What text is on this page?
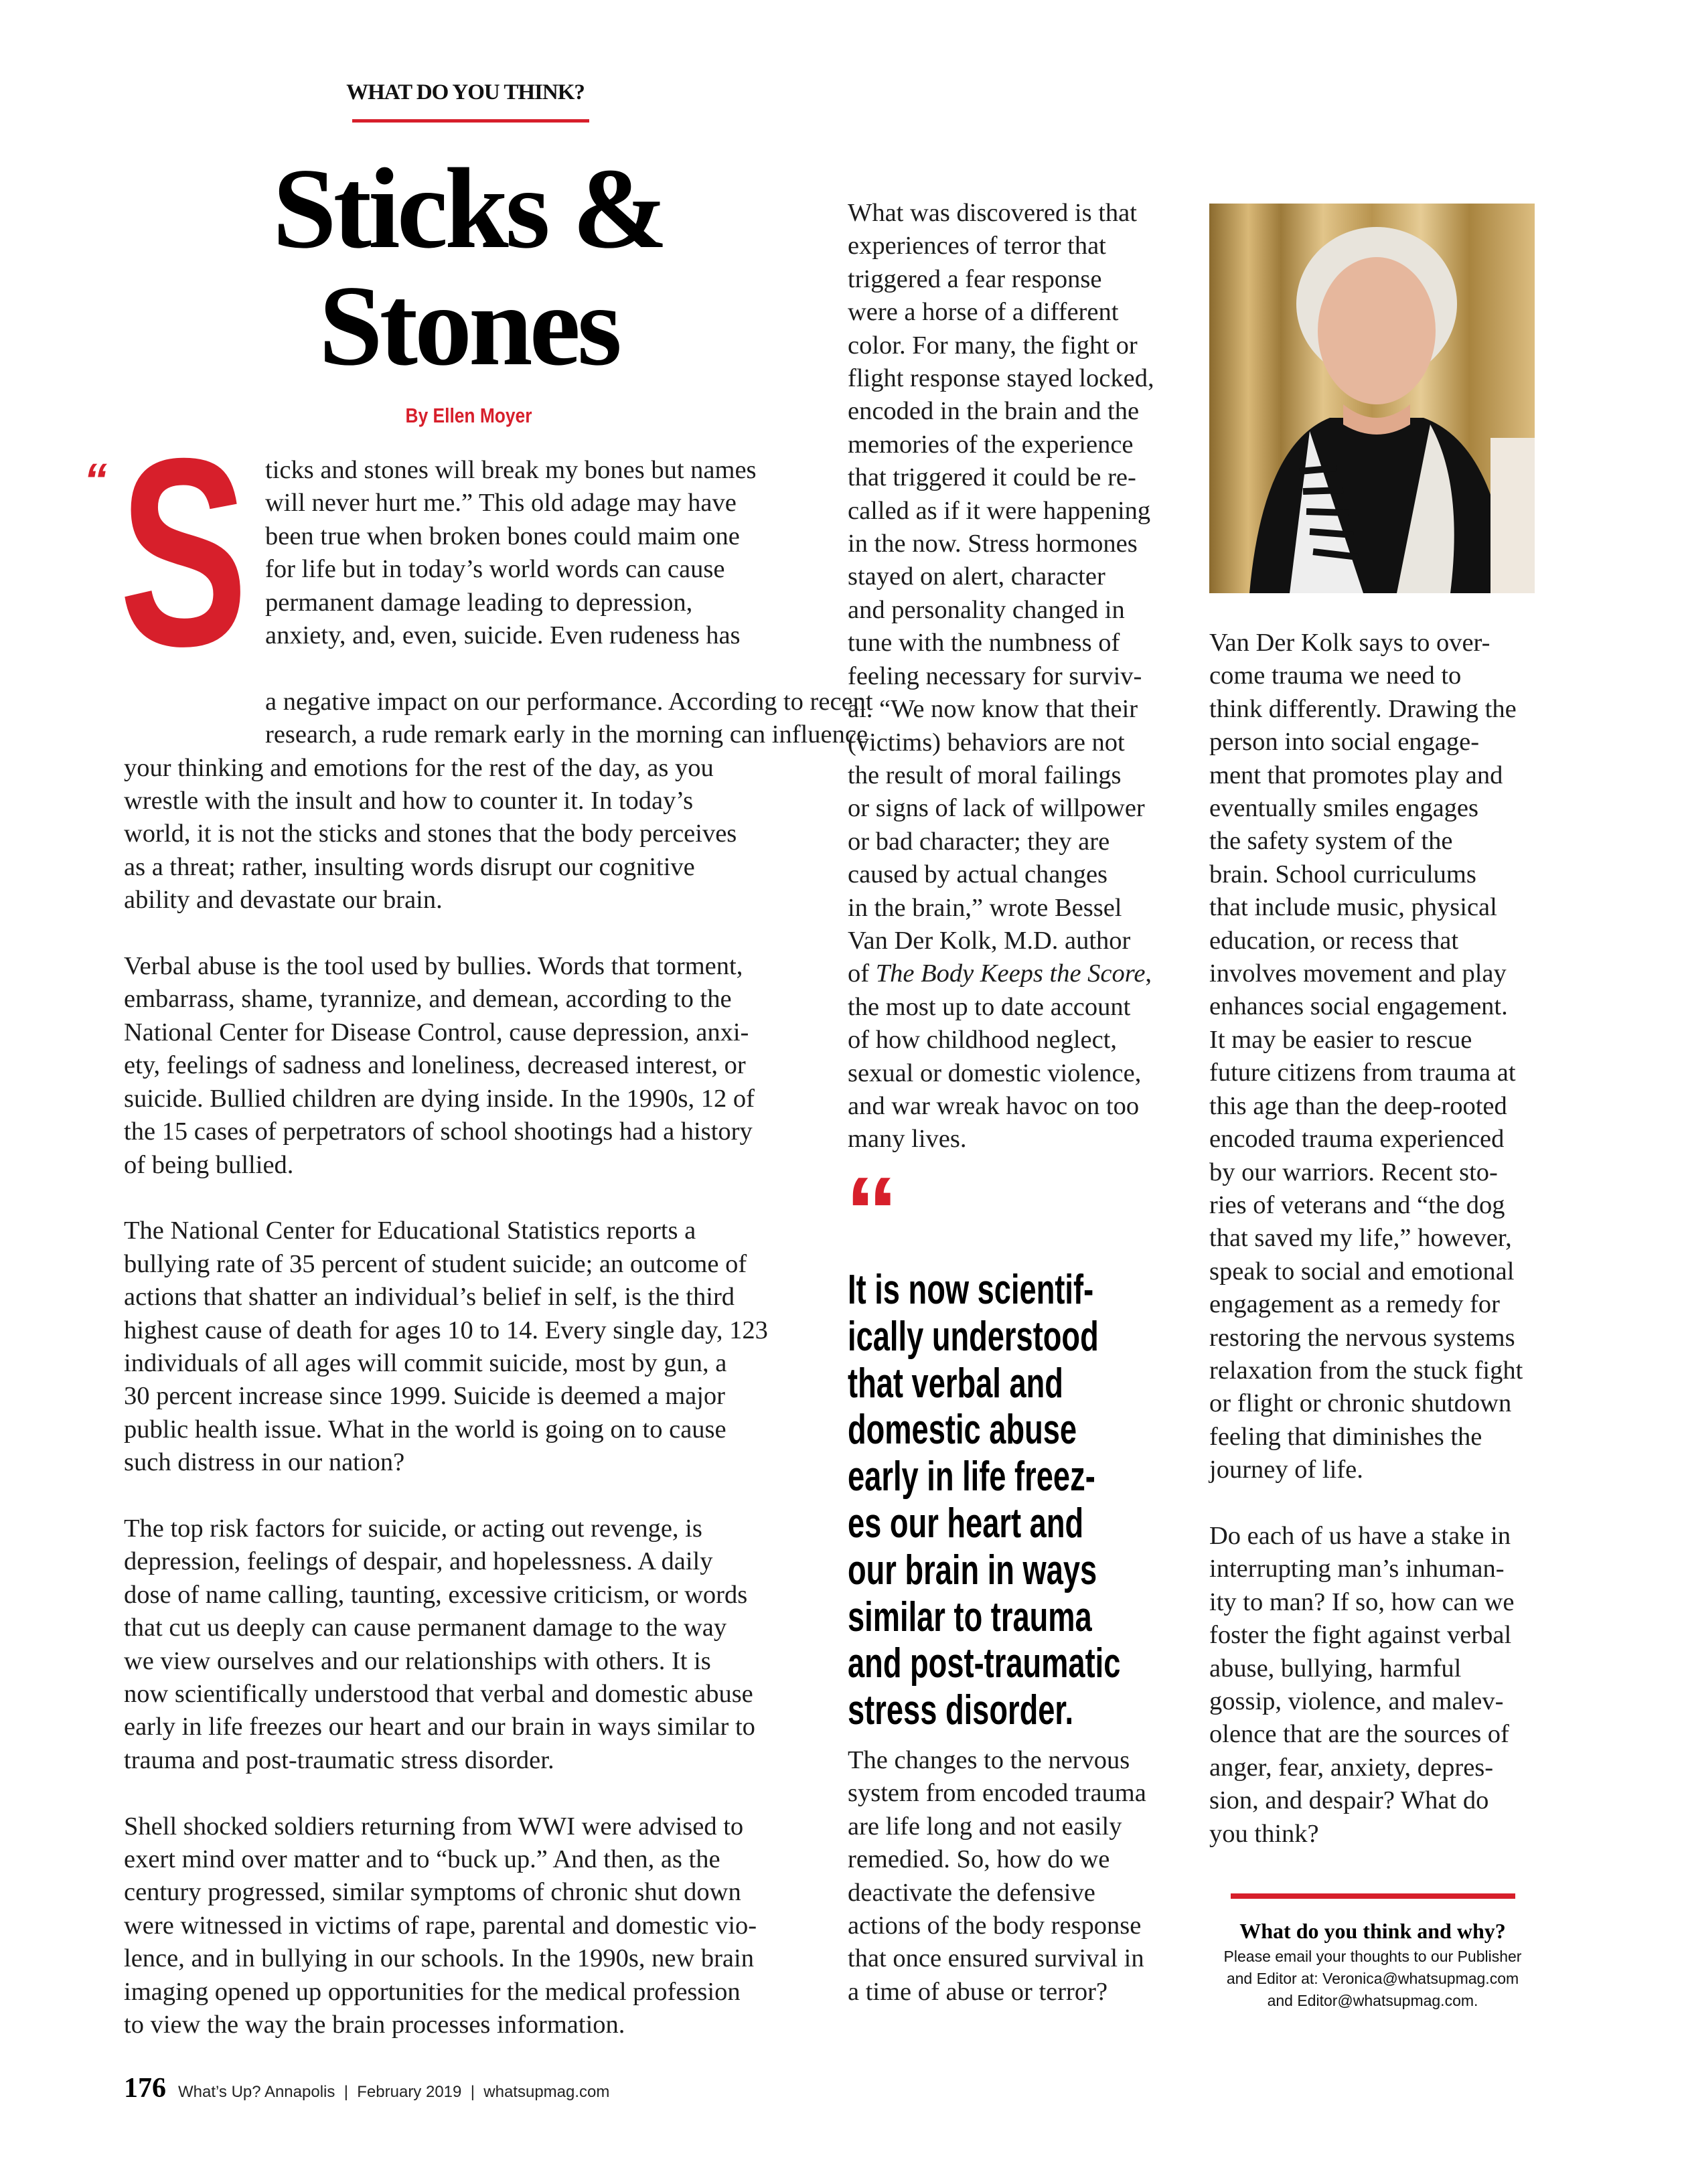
WHAT DO YOU THINK?
Sticks &
Stones
By Ellen Moyer
“ S ticks and stones will break my bones but names
will never hurt me.” This old adage may have
been true when broken bones could maim one
for life but in today’s world words can cause
permanent damage leading to depression,
anxiety, and, even, suicide. Even rudeness has
a negative impact on our performance. According to recent
research, a rude remark early in the morning can influence
your thinking and emotions for the rest of the day, as you
wrestle with the insult and how to counter it. In today’s
world, it is not the sticks and stones that the body perceives
as a threat; rather, insulting words disrupt our cognitive
ability and devastate our brain.
Verbal abuse is the tool used by bullies. Words that torment,
embarrass, shame, tyrannize, and demean, according to the
National Center for Disease Control, cause depression, anxi-
ety, feelings of sadness and loneliness, decreased interest, or
suicide. Bullied children are dying inside. In the 1990s, 12 of
the 15 cases of perpetrators of school shootings had a history
of being bullied.
The National Center for Educational Statistics reports a
bullying rate of 35 percent of student suicide; an outcome of
actions that shatter an individual’s belief in self, is the third
highest cause of death for ages 10 to 14. Every single day, 123
individuals of all ages will commit suicide, most by gun, a
30 percent increase since 1999. Suicide is deemed a major
public health issue. What in the world is going on to cause
such distress in our nation?
The top risk factors for suicide, or acting out revenge, is
depression, feelings of despair, and hopelessness. A daily
dose of name calling, taunting, excessive criticism, or words
that cut us deeply can cause permanent damage to the way
we view ourselves and our relationships with others. It is
now scientifically understood that verbal and domestic abuse
early in life freezes our heart and our brain in ways similar to
trauma and post-traumatic stress disorder.
Shell shocked soldiers returning from WWI were advised to
exert mind over matter and to “buck up.” And then, as the
century progressed, similar symptoms of chronic shut down
were witnessed in victims of rape, parental and domestic vio-
lence, and in bullying in our schools. In the 1990s, new brain
imaging opened up opportunities for the medical profession
to view the way the brain processes information.
What was discovered is that
experiences of terror that
triggered a fear response
were a horse of a different
color. For many, the fight or
flight response stayed locked,
encoded in the brain and the
memories of the experience
that triggered it could be re-
called as if it were happening
in the now. Stress hormones
stayed on alert, character
and personality changed in
tune with the numbness of
feeling necessary for surviv-
al. “We now know that their
(victims) behaviors are not
the result of moral failings
or signs of lack of willpower
or bad character; they are
caused by actual changes
in the brain,” wrote Bessel
Van Der Kolk, M.D. author
of The Body Keeps the Score,
the most up to date account
of how childhood neglect,
sexual or domestic violence,
and war wreak havoc on too
many lives.
“
It is now scientif-
ically understood
that verbal and
domestic abuse
early in life freez-
es our heart and
our brain in ways
similar to trauma
and post-traumatic
stress disorder.
The changes to the nervous
system from encoded trauma
are life long and not easily
remedied. So, how do we
deactivate the defensive
actions of the body response
that once ensured survival in
a time of abuse or terror?
Van Der Kolk says to over-
come trauma we need to
think differently. Drawing the
person into social engage-
ment that promotes play and
eventually smiles engages
the safety system of the
brain. School curriculums
that include music, physical
education, or recess that
involves movement and play
enhances social engagement.
It may be easier to rescue
future citizens from trauma at
this age than the deep-rooted
encoded trauma experienced
by our warriors. Recent sto-
ries of veterans and “the dog
that saved my life,” however,
speak to social and emotional
engagement as a remedy for
restoring the nervous systems
relaxation from the stuck fight
or flight or chronic shutdown
feeling that diminishes the
journey of life.
Do each of us have a stake in
interrupting man’s inhuman-
ity to man? If so, how can we
foster the fight against verbal
abuse, bullying, harmful
gossip, violence, and malev-
olence that are the sources of
anger, fear, anxiety, depres-
sion, and despair? What do
you think?
What do you think and why?
Please email your thoughts to our Publisher
and Editor at: Veronica@whatsupmag.com
and Editor@whatsupmag.com.
176 What’s Up? Annapolis  |  February 2019  |  whatsupmag.com
